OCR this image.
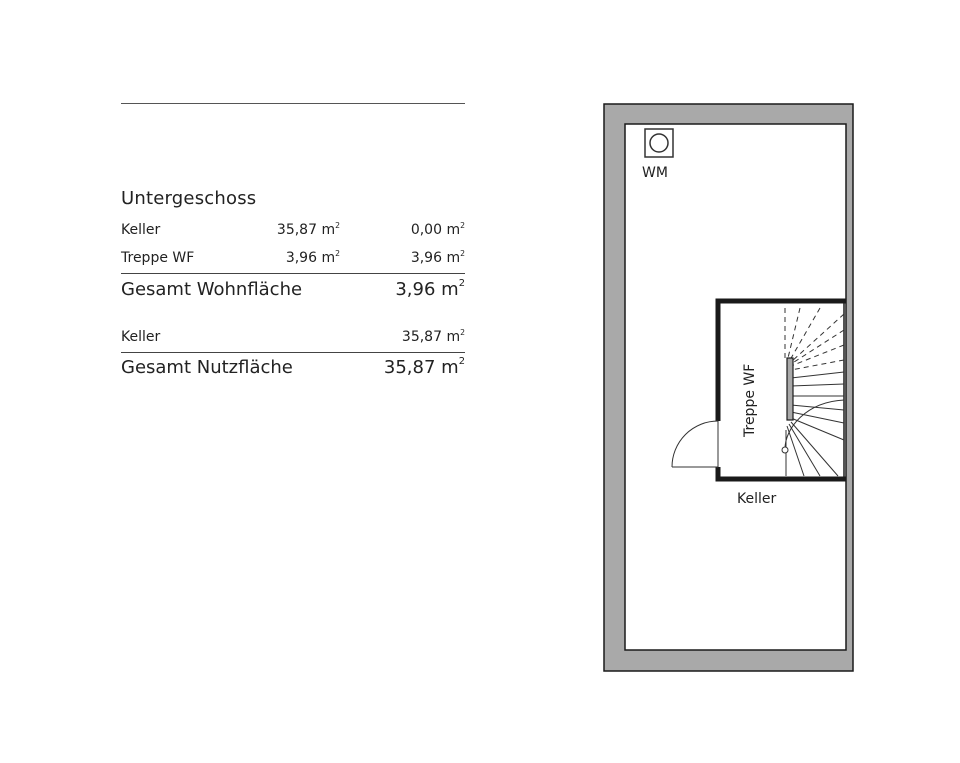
Untergeschoss
Keller	35,87 $m^2$	0,00 $m^2$
Treppe WF	3,96 $m^2$	3,96 $m^2$
Gesamt Wohnfläche	3,96 $m^2$
Keller	35,87 $m^2$
Gesamt Nutzfläche	35,87 $m^2$
WM
Treppe WF
Keller
